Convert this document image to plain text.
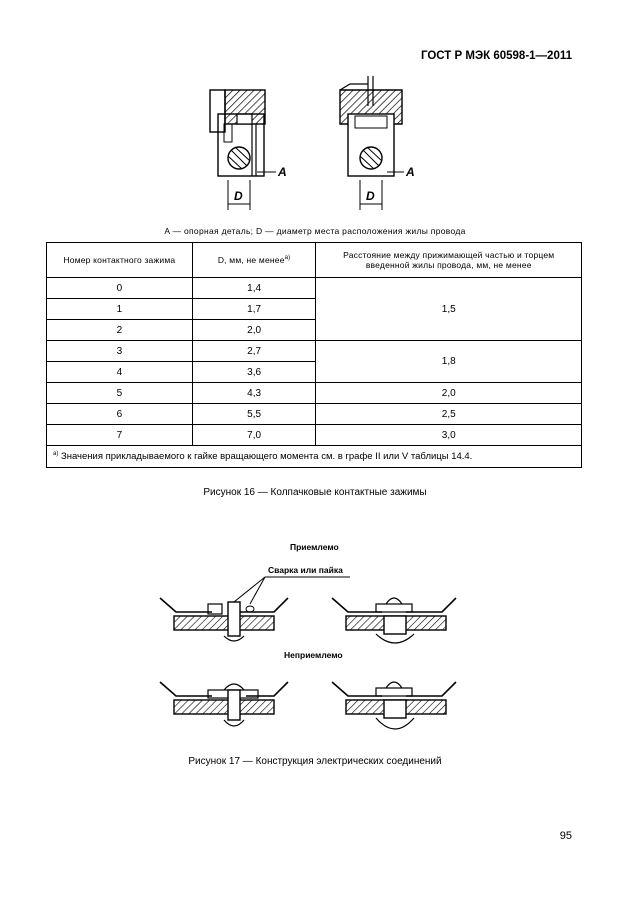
ГОСТ Р МЭК 60598-1—2011
A
D
A
D
A — опорная деталь; D — диаметр места расположения жилы провода
Номер контактного зажима	D, мм, не менее$^{а)}$	Расстояние между прижимающей частью и торцем введенной жилы провода, мм, не менее
0	1,4	1,5
1	1,7	
2	2,0	
3	2,7	1,8
4	3,6	
5	4,3	2,0
6	5,5	2,5
7	7,0	3,0
$^{а)}$ Значения прикладываемого к гайке вращающего момента см. в графе II или V таблицы 14.4.		
Рисунок 16 — Колпачковые контактные зажимы
Приемлемо
Сварка или пайка
Неприемлемо
Рисунок 17 — Конструкция электрических соединений
95
